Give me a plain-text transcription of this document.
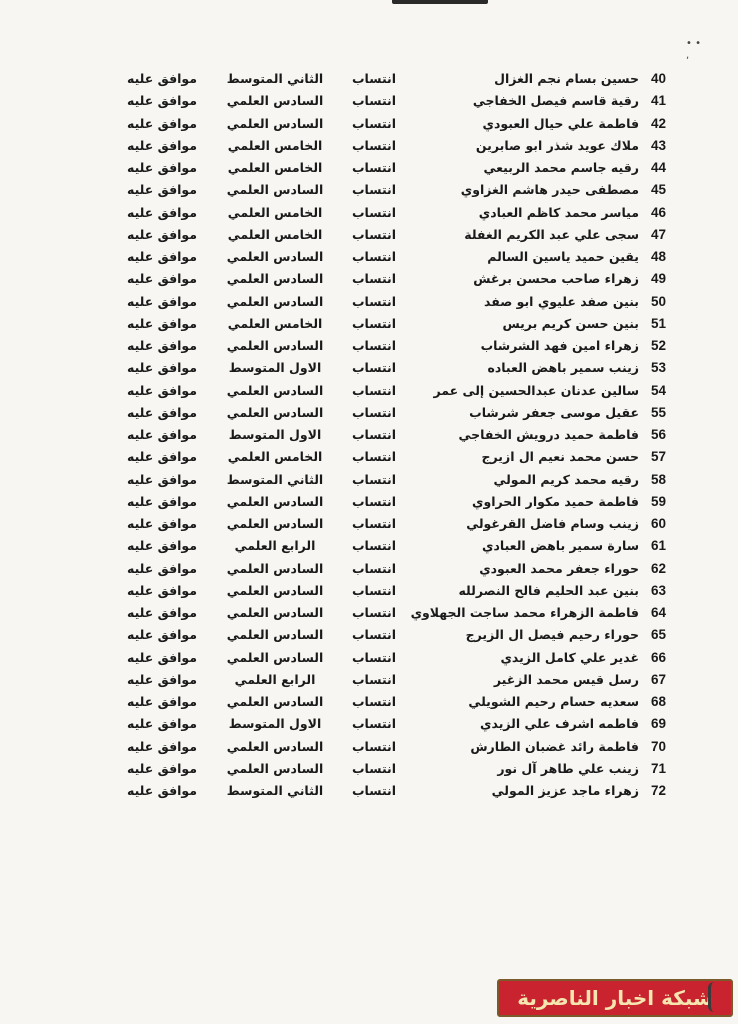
• • ,
40
حسين بسام نجم الغزال
انتساب
الثاني المتوسط
موافق عليه
41
رقية قاسم فيصل الخفاجي
انتساب
السادس العلمي
موافق عليه
42
فاطمة علي حيال العبودي
انتساب
السادس العلمي
موافق عليه
43
ملاك عويد شذر ابو صابرين
انتساب
الخامس العلمي
موافق عليه
44
رقيه جاسم محمد الربيعي
انتساب
الخامس العلمي
موافق عليه
45
مصطفى حيدر هاشم الغزاوي
انتساب
السادس العلمي
موافق عليه
46
مياسر محمد كاظم العبادي
انتساب
الخامس العلمي
موافق عليه
47
سجى علي عبد الكريم الغفلة
انتساب
الخامس العلمي
موافق عليه
48
يقين حميد ياسين السالم
انتساب
السادس العلمي
موافق عليه
49
زهراء صاحب محسن برغش
انتساب
السادس العلمي
موافق عليه
50
بنين صفد عليوي ابو صفد
انتساب
السادس العلمي
موافق عليه
51
بنين حسن كريم بريس
انتساب
الخامس العلمي
موافق عليه
52
زهراء امين فهد الشرشاب
انتساب
السادس العلمي
موافق عليه
53
زينب سمير باهض العباده
انتساب
الاول المتوسط
موافق عليه
54
سالين عدنان عبدالحسين إلى عمر
انتساب
السادس العلمي
موافق عليه
55
عقيل موسى جعفر شرشاب
انتساب
السادس العلمي
موافق عليه
56
فاطمة حميد درويش الخفاجي
انتساب
الاول المتوسط
موافق عليه
57
حسن محمد نعيم ال ازيرج
انتساب
الخامس العلمي
موافق عليه
58
رقيه محمد كريم المولي
انتساب
الثاني المتوسط
موافق عليه
59
فاطمة حميد مكوار الحراوي
انتساب
السادس العلمي
موافق عليه
60
زينب وسام فاضل القرغولي
انتساب
السادس العلمي
موافق عليه
61
سارة سمير باهض العبادي
انتساب
الرابع العلمي
موافق عليه
62
حوراء جعفر محمد العبودي
انتساب
السادس العلمي
موافق عليه
63
بنين عبد الحليم فالح النصرلله
انتساب
السادس العلمي
موافق عليه
64
فاطمة الزهراء محمد ساجت الجهلاوي
انتساب
السادس العلمي
موافق عليه
65
حوراء رحيم فيصل ال الزيرج
انتساب
السادس العلمي
موافق عليه
66
غدير علي كامل الزيدي
انتساب
السادس العلمي
موافق عليه
67
رسل قيس محمد الزغير
انتساب
الرابع العلمي
موافق عليه
68
سعديه حسام رحيم الشويلي
انتساب
السادس العلمي
موافق عليه
69
فاطمه اشرف علي الزيدي
انتساب
الاول المتوسط
موافق عليه
70
فاطمة رائد غضبان الطارش
انتساب
السادس العلمي
موافق عليه
71
زينب علي طاهر آل نور
انتساب
السادس العلمي
موافق عليه
72
زهراء ماجد عزيز المولي
انتساب
الثاني المتوسط
موافق عليه
شبكة اخبار الناصرية
